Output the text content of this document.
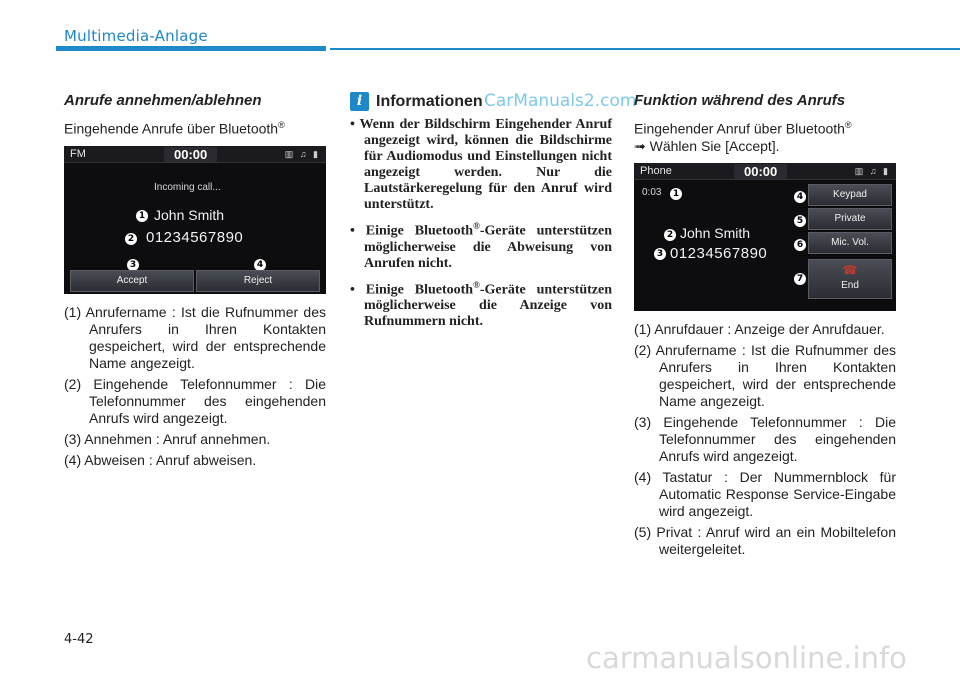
Multimedia-Anlage
Anrufe annehmen/ablehnen
Eingehende Anrufe über Bluetooth®
FM	00:00	▥ ♫ ▮
Incoming call...
1 John Smith
2 01234567890
3	4
Accept	Reject
(1) Anrufername : Ist die Rufnummer des Anrufers in Ihren Kontakten gespeichert, wird der entsprechende Name angezeigt.
(2) Eingehende Telefonnummer : Die Telefonnummer des eingehenden Anrufs wird angezeigt.
(3) Annehmen : Anruf annehmen.
(4) Abweisen : Anruf abweisen.
i Informationen
• Wenn der Bildschirm Eingehender Anruf angezeigt wird, können die Bildschirme für Audiomodus und Einstellungen nicht angezeigt werden. Nur die Lautstärkeregelung für den Anruf wird unterstützt.
• Einige Bluetooth®-Geräte unterstützen möglicherweise die Abweisung von Anrufen nicht.
• Einige Bluetooth®-Geräte unterstützen möglicherweise die Anzeige von Rufnummern nicht.
CarManuals2.com
Funktion während des Anrufs
Eingehender Anruf über Bluetooth®
➟ Wählen Sie [Accept].
Phone	00:00	▥ ♫ ▮
0:03	1
2 John Smith
3 01234567890
4
5
6
7
Keypad
Private
Mic. Vol.
☎
End
(1) Anrufdauer : Anzeige der Anrufdauer.
(2) Anrufername : Ist die Rufnummer des Anrufers in Ihren Kontakten gespeichert, wird der entsprechende Name angezeigt.
(3) Eingehende Telefonnummer : Die Telefonnummer des eingehenden Anrufs wird angezeigt.
(4) Tastatur : Der Nummernblock für Automatic Response Service-Eingabe wird angezeigt.
(5) Privat : Anruf wird an ein Mobiltelefon weitergeleitet.
4-42
carmanualsonline.info
